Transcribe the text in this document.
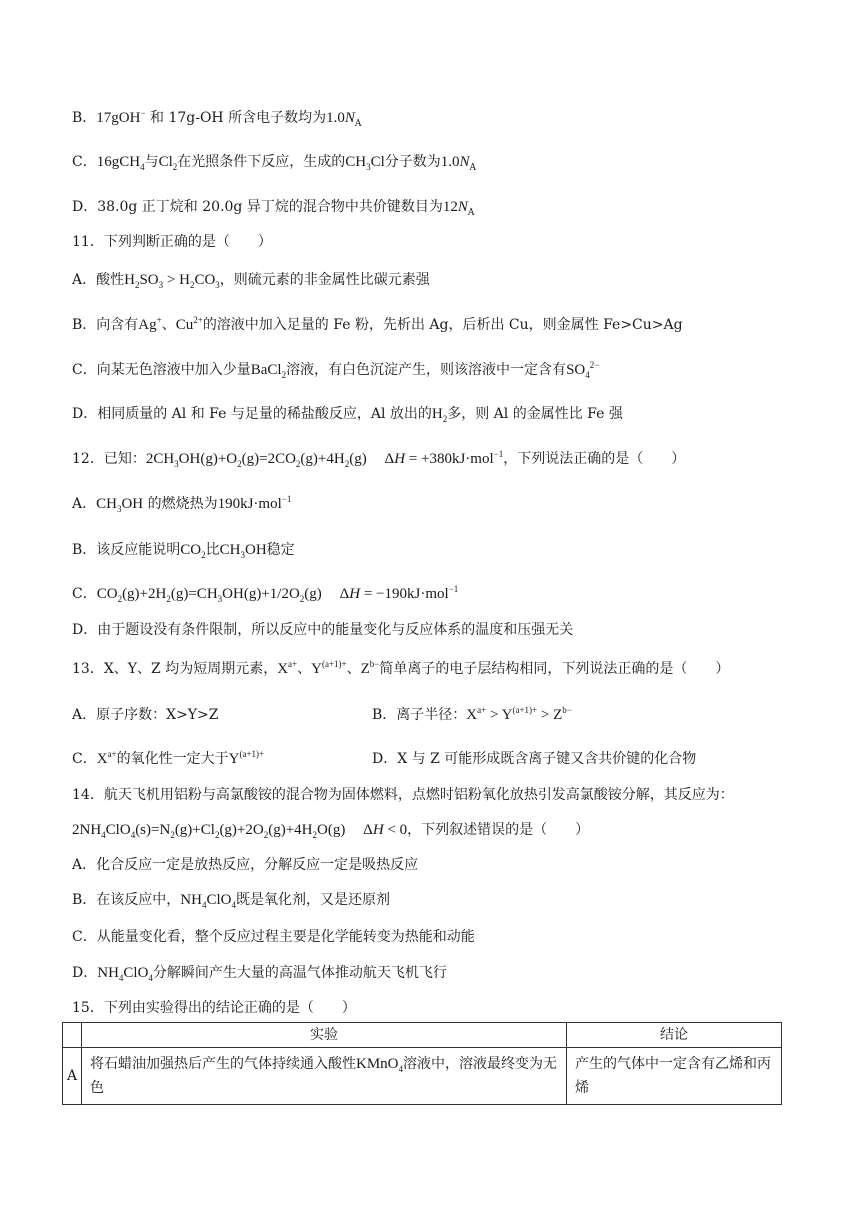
B．17gOH− 和 17g-OH 所含电子数均为$1.0N_A$
C．16gCH$_4$与$Cl_2$在光照条件下反应，生成的$CH_3Cl$分子数为$1.0N_A$
D．38.0g 正丁烷和 20.0g 异丁烷的混合物中共价键数目为$12N_A$
11．下列判断正确的是（　　）
A．酸性$H_2SO_3 > H_2CO_3$，则硫元素的非金属性比碳元素强
B．向含有Ag+、$Cu^{2+}$的溶液中加入足量的 Fe 粉，先析出 Ag，后析出 Cu，则金属性 Fe>Cu>Ag
C．向某无色溶液中加入少量BaCl$_2$溶液，有白色沉淀产生，则该溶液中一定含有$SO_4^{2-}$
D．相同质量的 Al 和 Fe 与足量的稀盐酸反应，Al 放出的$H_2$多，则 Al 的金属性比 Fe 强
12．已知：$2CH_3OH(g)+O_2(g)=2CO_2(g)+4H_2(g) \Delta H = +380kJ\cdot mol^{-1}$，下列说法正确的是（　　）
A．$CH_3OH$ 的燃烧热为190kJ·mol$^{-1}$
B．该反应能说明$CO_2$比$CH_3OH$稳定
C．$CO_2(g)+2H_2(g)=CH_3OH(g)+1/2O_2(g) \Delta H = -190kJ\cdot mol^{-1}$
D．由于题设没有条件限制，所以反应中的能量变化与反应体系的温度和压强无关
13．X、Y、Z 均为短周期元素，$X^{a+}$、$Y^{(a+1)+}$、$Z^{b-}$简单离子的电子层结构相同，下列说法正确的是（　　）
A．原子序数：X>Y>Z	B．离子半径：$X^{a+} > Y^{(a+1)+} > Z^{b-}$
C．$X^{a+}$的氧化性一定大于$Y^{(a+1)+}$	D．X 与 Z 可能形成既含离子键又含共价键的化合物
14．航天飞机用铝粉与高氯酸铵的混合物为固体燃料，点燃时铝粉氧化放热引发高氯酸铵分解，其反应为：
$2NH_4ClO_4(s)=N_2(g)+Cl_2(g)+2O_2(g)+4H_2O(g) \Delta H < 0$，下列叙述错误的是（　　）
A．化合反应一定是放热反应，分解反应一定是吸热反应
B．在该反应中，$NH_4ClO_4$既是氧化剂，又是还原剂
C．从能量变化看，整个反应过程主要是化学能转变为热能和动能
D．$NH_4ClO_4$分解瞬间产生大量的高温气体推动航天飞机飞行
15．下列由实验得出的结论正确的是（　　）
	实验	结论
A	将石蜡油加强热后产生的气体持续通入酸性KMnO$_4$溶液中，溶液最终变为无色	产生的气体中一定含有乙烯和丙烯
